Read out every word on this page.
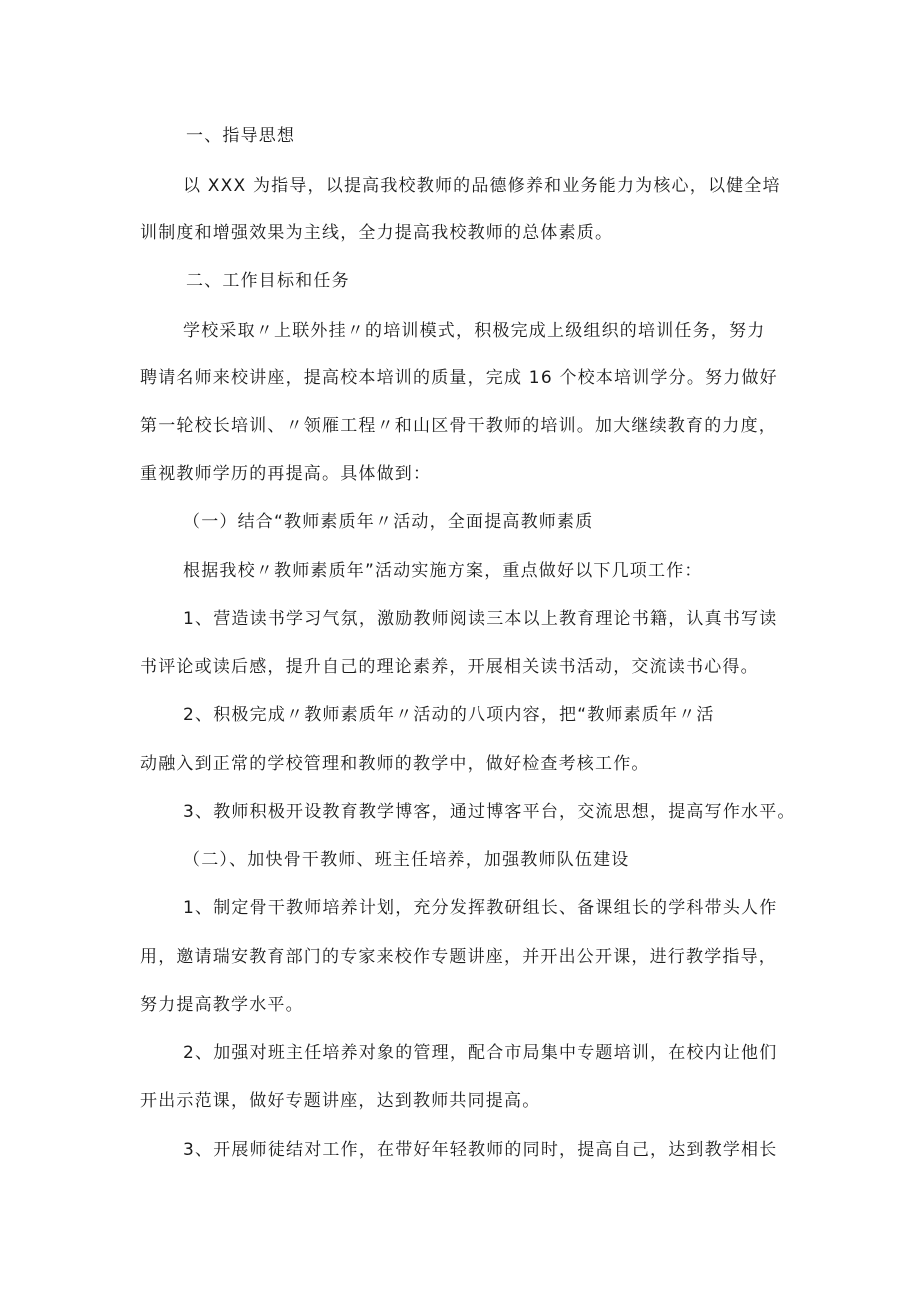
一、指导思想
以 XXX 为指导，以提高我校教师的品德修养和业务能力为核心，以健全培
训制度和增强效果为主线，全力提高我校教师的总体素质。
二、工作目标和任务
学校采取〃上联外挂〃的培训模式，积极完成上级组织的培训任务，努力
聘请名师来校讲座，提高校本培训的质量，完成 16 个校本培训学分。努力做好
第一轮校长培训、〃领雁工程〃和山区骨干教师的培训。加大继续教育的力度，
重视教师学历的再提高。具体做到：
（一）结合“教师素质年〃活动，全面提高教师素质
根据我校〃教师素质年”活动实施方案，重点做好以下几项工作：
1、营造读书学习气氛，激励教师阅读三本以上教育理论书籍，认真书写读
书评论或读后感，提升自己的理论素养，开展相关读书活动，交流读书心得。
2、积极完成〃教师素质年〃活动的八项内容，把“教师素质年〃活
动融入到正常的学校管理和教师的教学中，做好检查考核工作。
3、教师积极开设教育教学博客，通过博客平台，交流思想，提高写作水平。
（二）、加快骨干教师、班主任培养，加强教师队伍建设
1、制定骨干教师培养计划，充分发挥教研组长、备课组长的学科带头人作
用，邀请瑞安教育部门的专家来校作专题讲座，并开出公开课，进行教学指导，
努力提高教学水平。
2、加强对班主任培养对象的管理，配合市局集中专题培训，在校内让他们
开出示范课，做好专题讲座，达到教师共同提高。
3、开展师徒结对工作，在带好年轻教师的同时，提高自己，达到教学相长
